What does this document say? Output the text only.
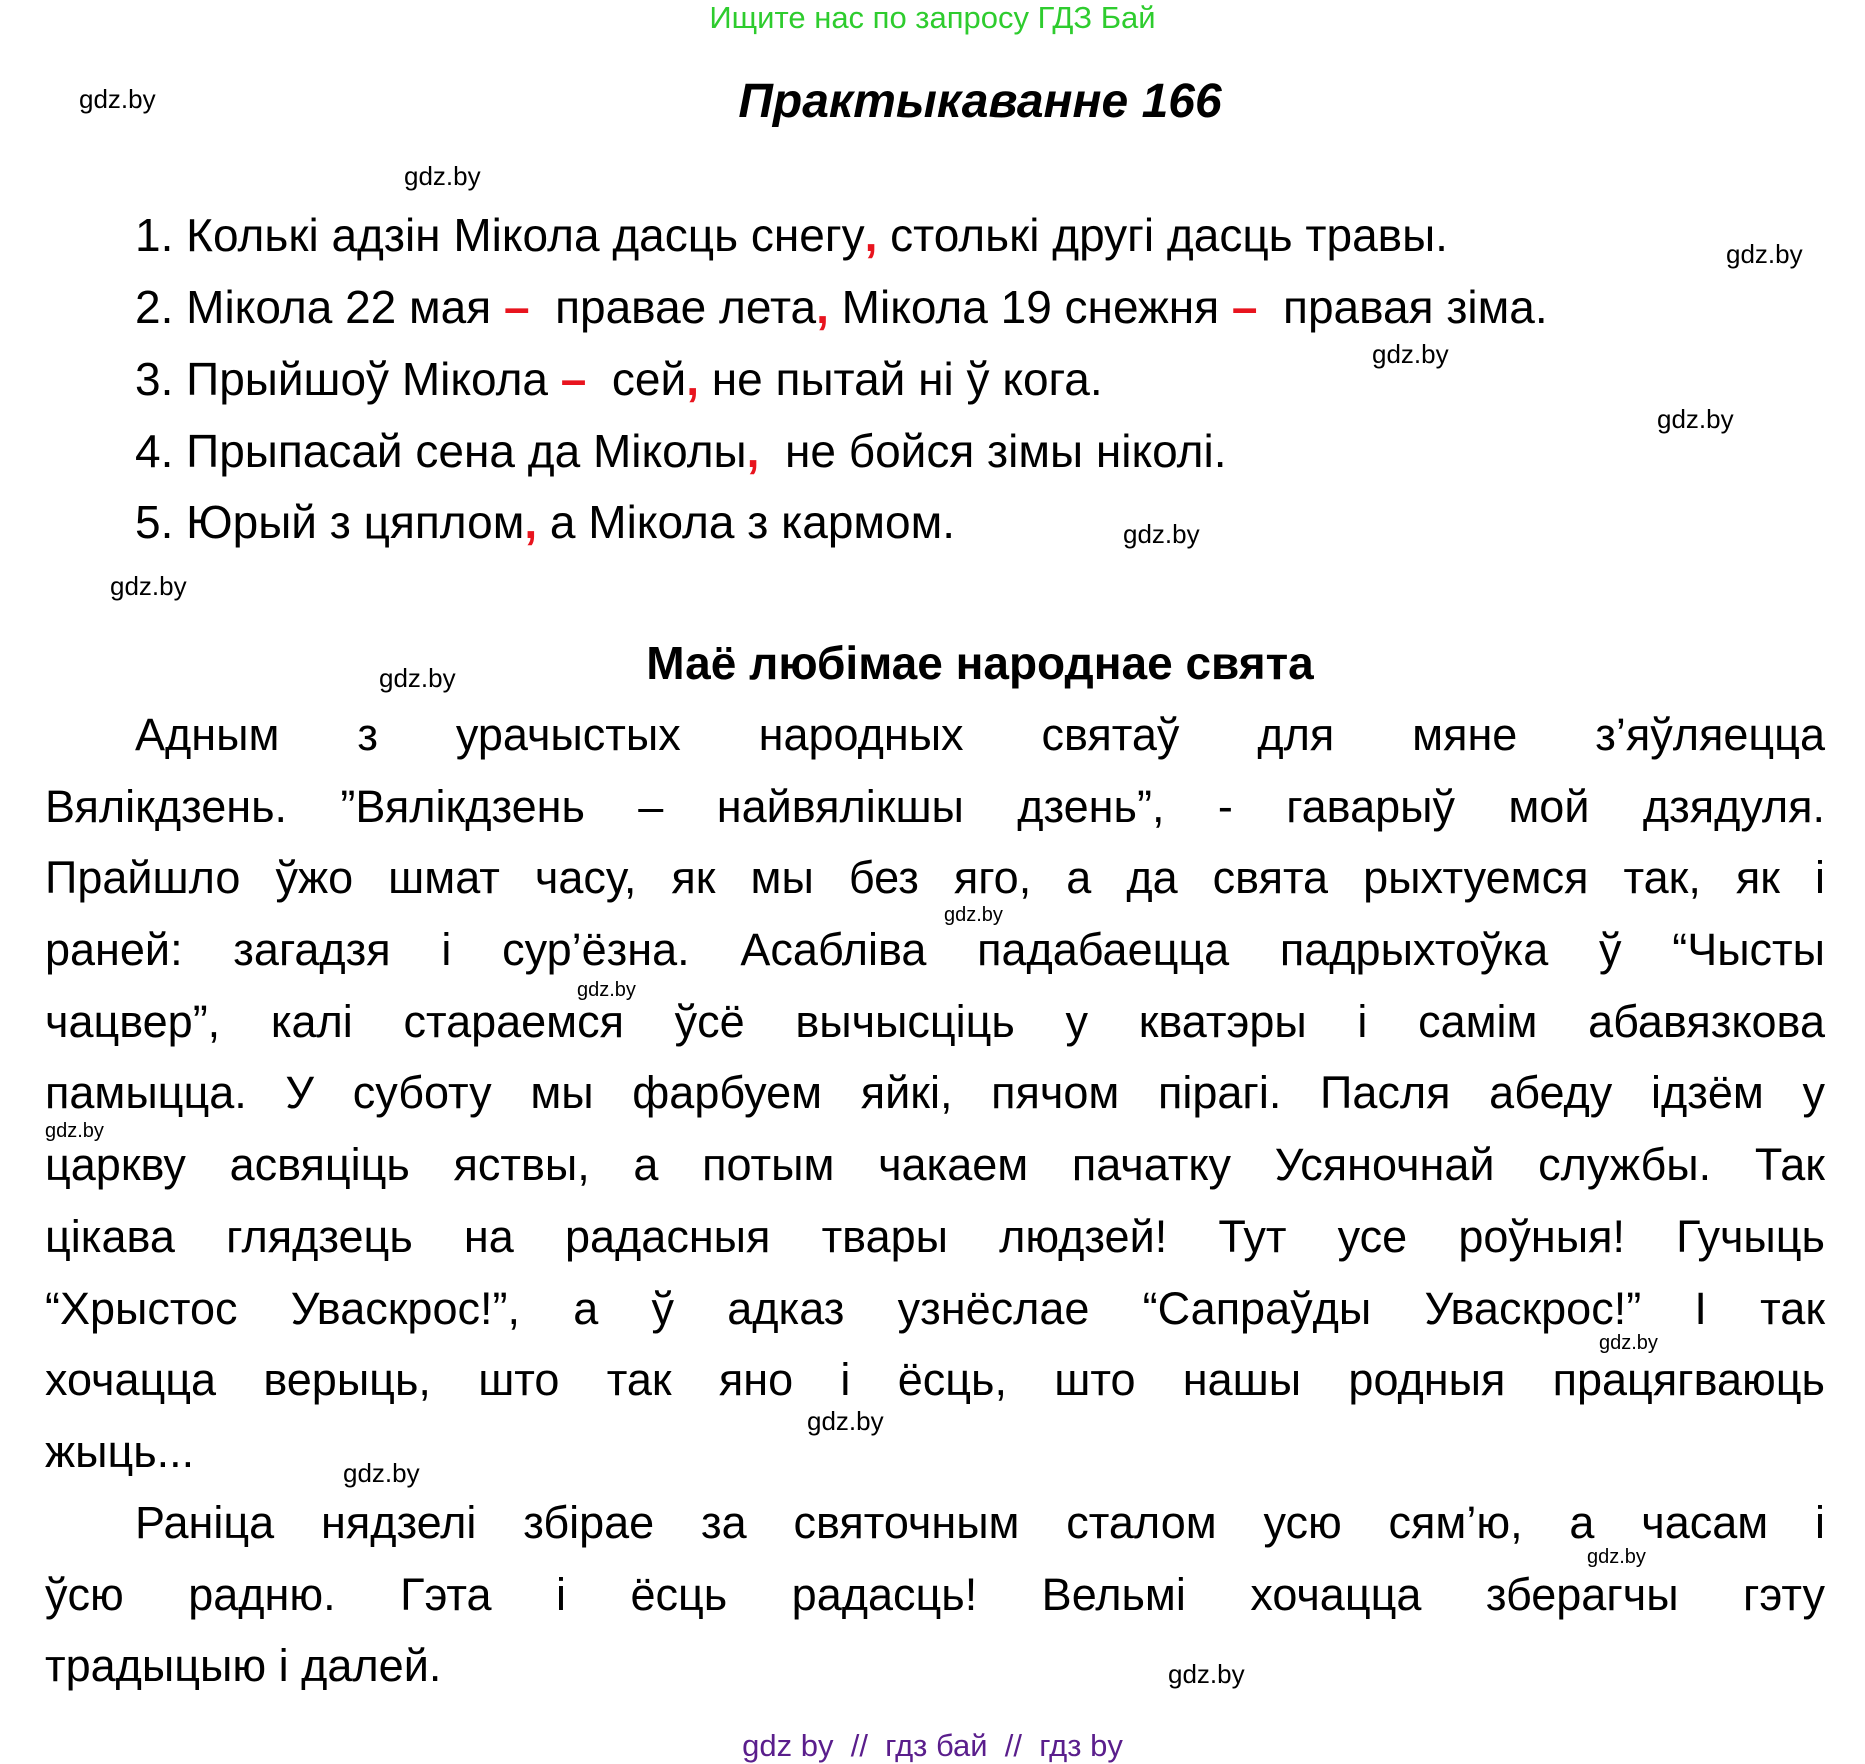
Ищите нас по запросу ГДЗ Бай
Практыкаванне 166
1. Колькі адзін Мікола дасць снегу, столькі другі дасць травы.
2. Мікола 22 мая –  правае лета, Мікола 19 снежня –  правая зіма.
3. Прыйшоў Мікола –  сей, не пытай ні ў кога.
4. Прыпасай сена да Міколы,  не бойся зімы ніколі.
5. Юрый з цяплом, а Мікола з кармом.
Маё любімае народнае свята
Адным з урачыстых народных святаў для мяне з’яўляецца
Вялікдзень. ”Вялікдзень – найвялікшы дзень”, - гаварыў мой дзядуля.
Прайшло ўжо шмат часу, як мы без яго, а да свята рыхтуемся так, як і
раней: загадзя і сур’ёзна. Асабліва падабаецца падрыхтоўка ў “Чысты
чацвер”, калі стараемся ўсё вычысціць у кватэры і самім абавязкова
памыцца. У суботу мы фарбуем яйкі, пячом пірагі. Пасля абеду ідзём у
царкву асвяціць яствы, а потым чакаем пачатку Усяночнай службы. Так
цікава глядзець на радасныя твары людзей! Тут усе роўныя! Гучыць
“Хрыстос Уваскрос!”, а ў адказ узнёслае “Сапраўды Уваскрос!” І так
хочацца верыць, што так яно і ёсць, што нашы родныя працягваюць
жыць...
Раніца нядзелі збірае за святочным сталом усю сям’ю, а часам і
ўсю радню. Гэта і ёсць радасць! Вельмі хочацца зберагчы гэту
традыцыю і далей.
gdz.by
gdz.by
gdz.by
gdz.by
gdz.by
gdz.by
gdz.by
gdz.by
gdz.by
gdz.by
gdz.by
gdz.by
gdz.by
gdz.by
gdz.by
gdz.by
gdz by  //  гдз бай  //  гдз by
